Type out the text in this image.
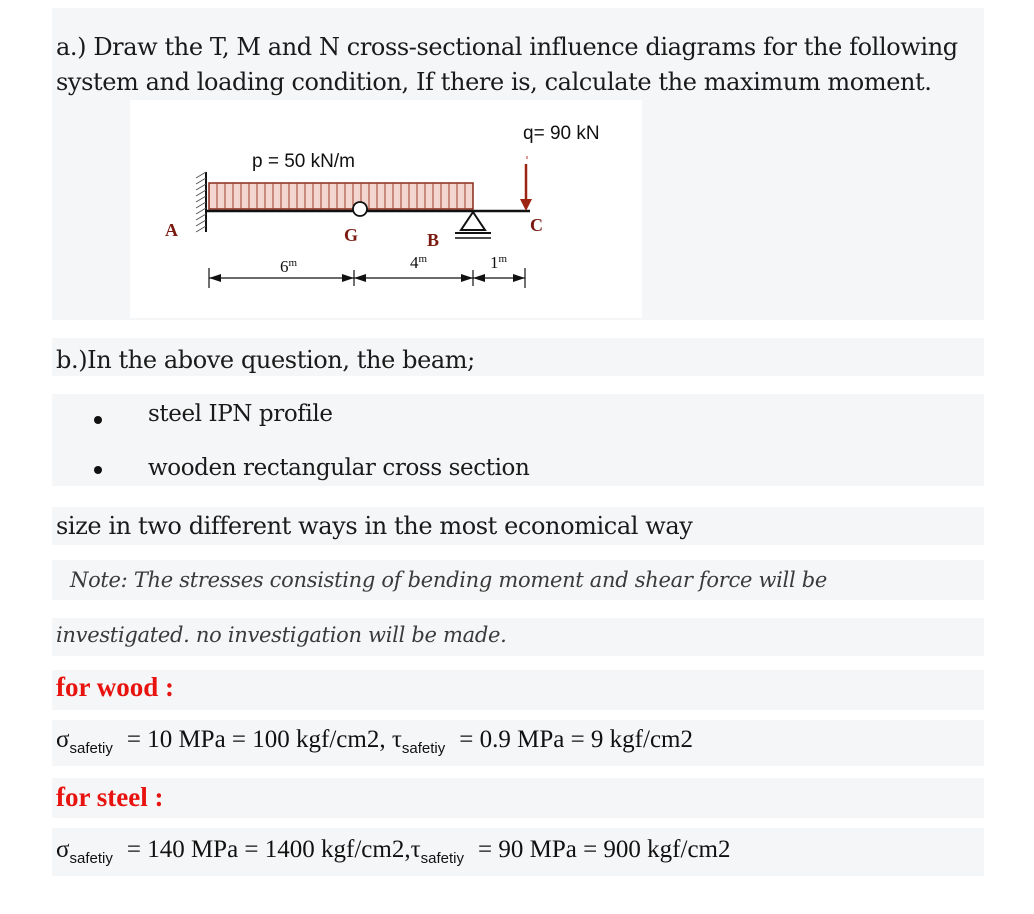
a.) Draw the T, M and N cross-sectional influence diagrams for the following
system and loading condition, If there is, calculate the maximum moment.
p = 50 kN/m
q= 90 kN
A	G	B
C
6$^m$	4$^m$	1$^m$
b.)In the above question, the beam;
steel IPN profile
wooden rectangular cross section
size in two different ways in the most economical way
Note: The stresses consisting of bending moment and shear force will be
investigated. no investigation will be made.
for wood :
$\sigma_{safetiy} = 10$ MPa = 100 kgf/cm2, $\tau_{safetiy} = 0.9$ MPa = 9 kgf/cm2
for steel :
$\sigma_{safetiy} = 140$ MPa = 1400 kgf/$cm2,\tau_{safetiy} = 90$ MPa = 900 kgf/cm2
